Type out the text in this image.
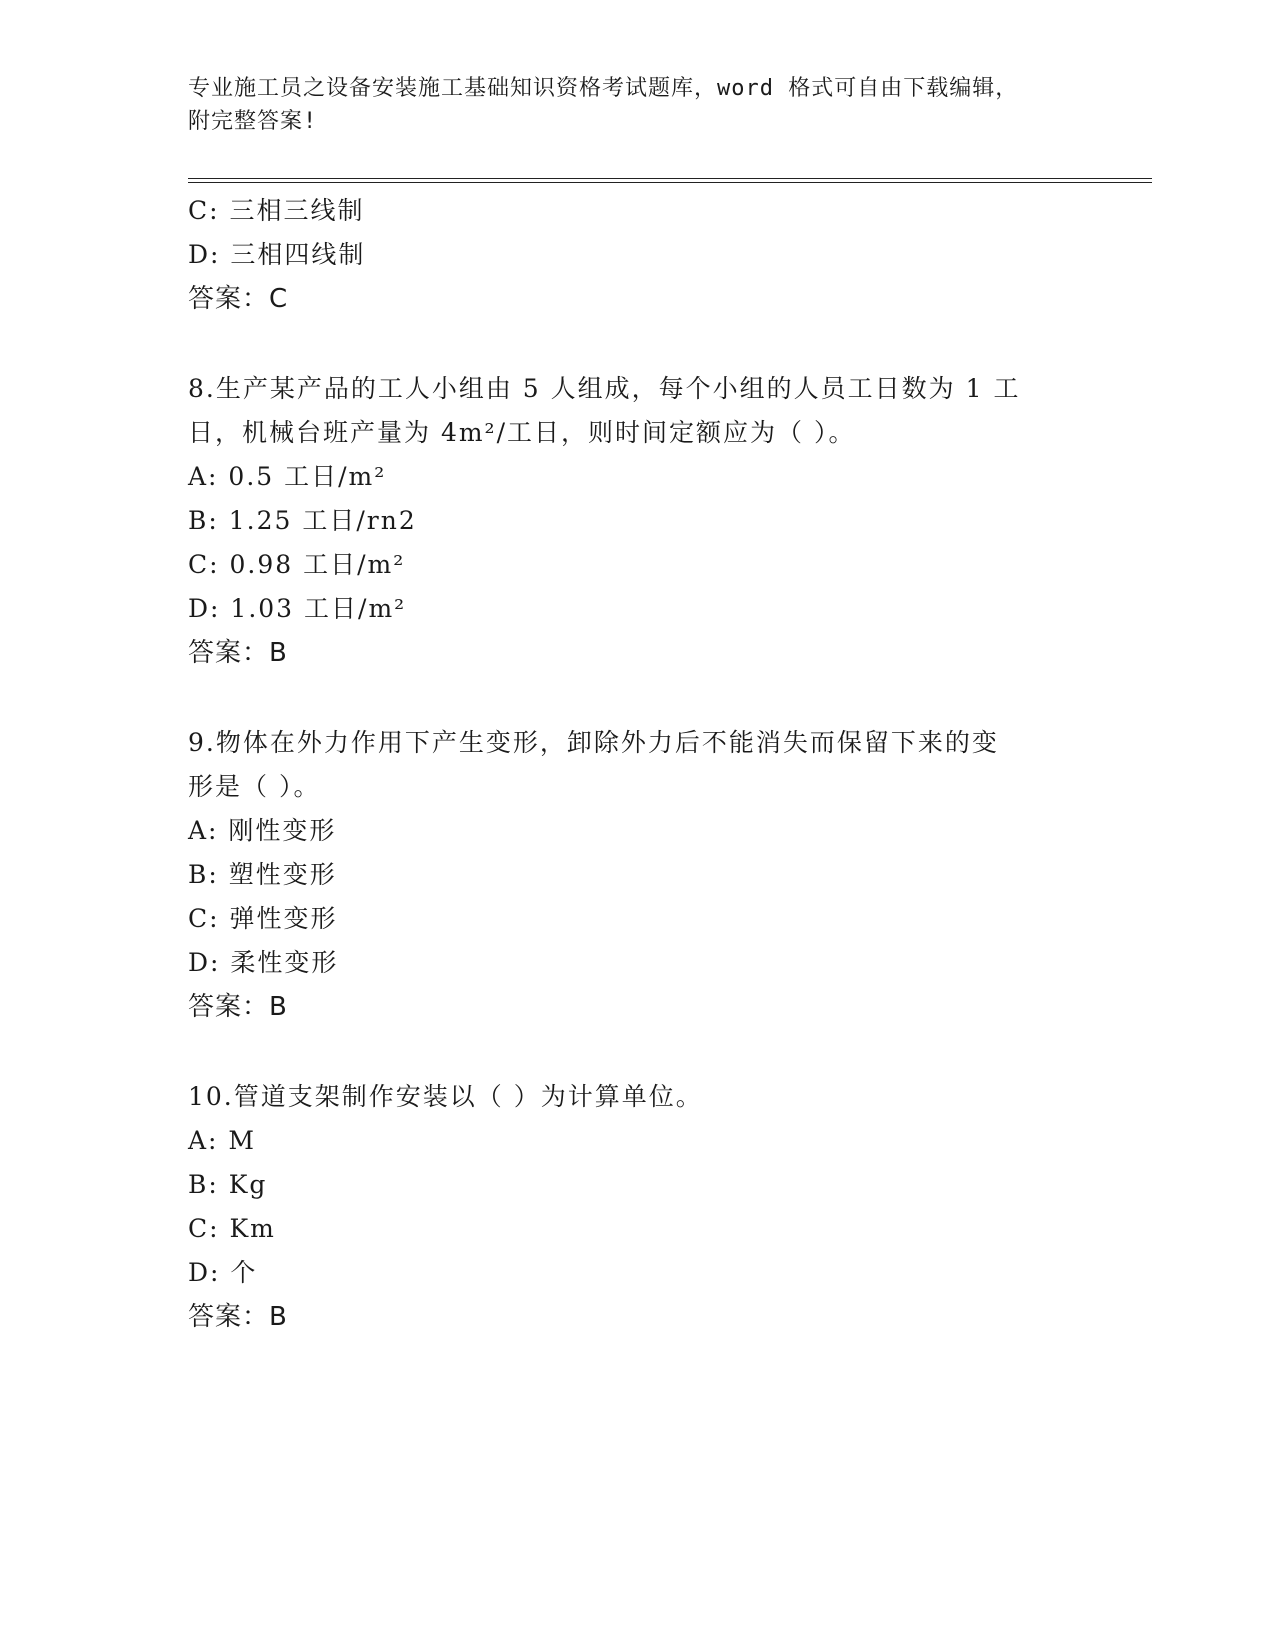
专业施工员之设备安装施工基础知识资格考试题库，word 格式可自由下载编辑，
附完整答案!
C: 三相三线制
D: 三相四线制
答案：C
8.生产某产品的工人小组由 5 人组成，每个小组的人员工日数为 1 工
日，机械台班产量为 4m²/工日，则时间定额应为（ ）。
A: 0.5 工日/m²
B: 1.25 工日/rn2
C: 0.98 工日/m²
D: 1.03 工日/m²
答案：B
9.物体在外力作用下产生变形，卸除外力后不能消失而保留下来的变
形是（ ）。
A: 刚性变形
B: 塑性变形
C: 弹性变形
D: 柔性变形
答案：B
10.管道支架制作安装以（ ）为计算单位。
A: M
B: Kg
C: Km
D: 个
答案：B
